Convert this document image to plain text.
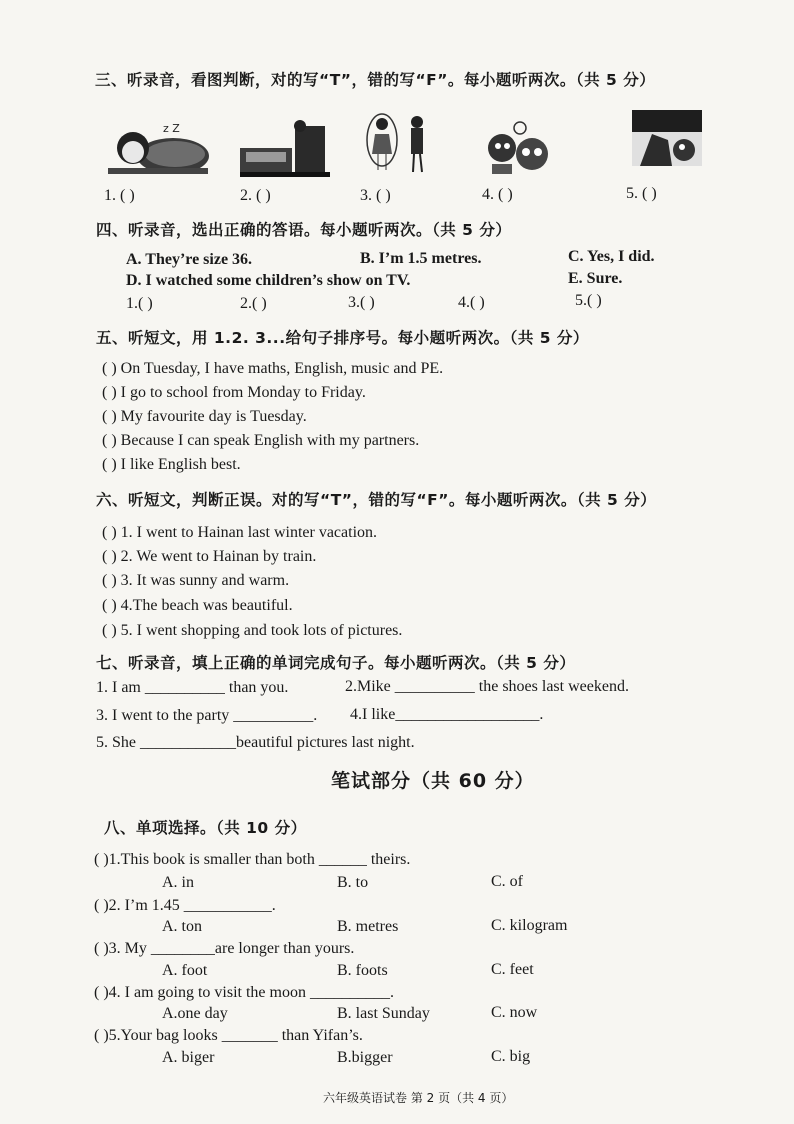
三、听录音，看图判断，对的写“T”，错的写“F”。每小题听两次。（共 5 分）
z Z
1. ( )	2. ( )	3. ( )	4. ( )	5. ( )
四、听录音，选出正确的答语。每小题听两次。（共 5 分）
A. They’re size 36.	B. I’m 1.5 metres.	C. Yes, I did.
D. I watched some children’s show on TV.	E. Sure.
1.( )	2.( )	3.( )	4.( )	5.( )
五、听短文，用 1.2. 3...给句子排序号。每小题听两次。（共 5 分）
( ) On Tuesday, I have maths, English, music and PE.
( ) I go to school from Monday to Friday.
( ) My favourite day is Tuesday.
( ) Because I can speak English with my partners.
( ) I like English best.
六、听短文，判断正误。对的写“T”，错的写“F”。每小题听两次。（共 5 分）
( ) 1. I went to Hainan last winter vacation.
( ) 2. We went to Hainan by train.
( ) 3. It was sunny and warm.
( ) 4.The beach was beautiful.
( ) 5. I went shopping and took lots of pictures.
七、听录音，填上正确的单词完成句子。每小题听两次。（共 5 分）
1. I am __________ than you.	2.Mike __________ the shoes last weekend.
3. I went to the party __________. 4.I like__________________.
5. She ____________beautiful pictures last night.
笔试部分（共 60 分）
八、单项选择。（共 10 分）
( )1.This book is smaller than both ______ theirs.
A. in	B. to	C. of
( )2. I’m 1.45 ___________.
A. ton	B. metres	C. kilogram
( )3. My ________are longer than yours.
A. foot	B. foots	C. feet
( )4. I am going to visit the moon __________.
A.one day	B. last Sunday	C. now
( )5.Your bag looks _______ than Yifan’s.
A. biger	B.bigger	C. big
六年级英语试卷 第 2 页（共 4 页）
